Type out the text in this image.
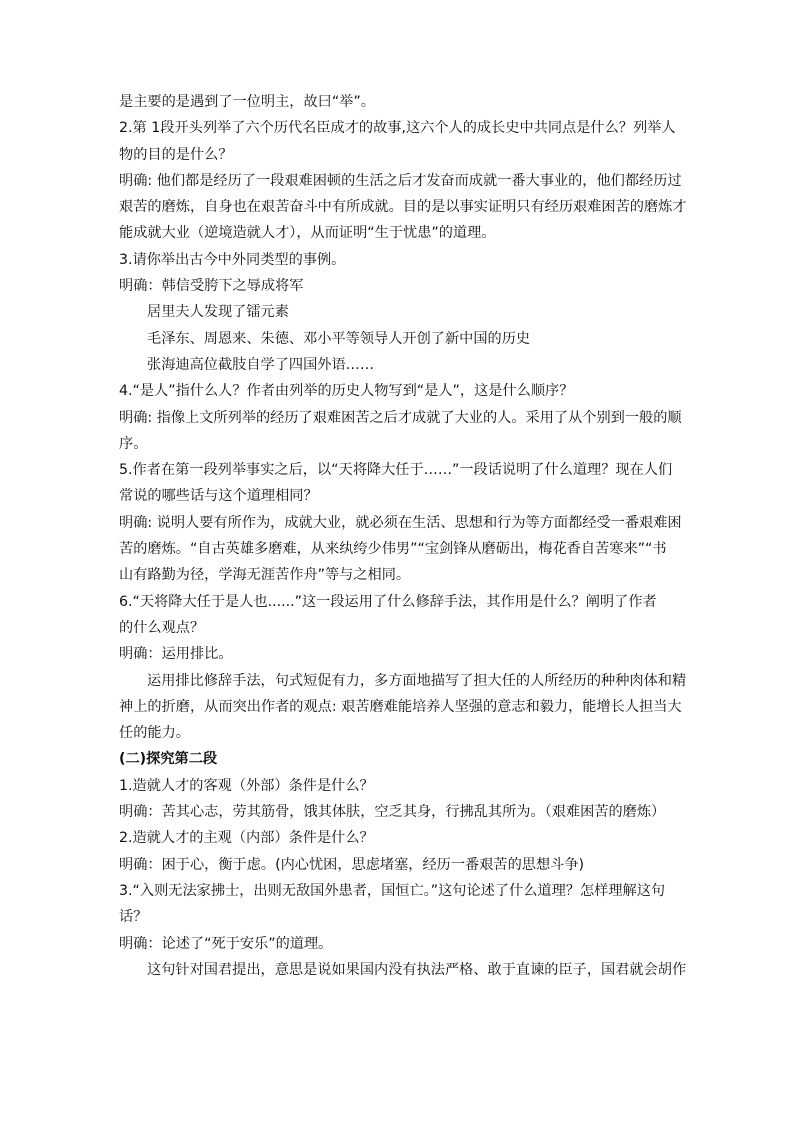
是主要的是遇到了一位明主，故曰“举”。
2.第 1段开头列举了六个历代名臣成才的故事,这六个人的成长史中共同点是什么？列举人
物的目的是什么？
明确: 他们都是经历了一段艰难困顿的生活之后才发奋而成就一番大事业的，他们都经历过
艰苦的磨炼，自身也在艰苦奋斗中有所成就。目的是以事实证明只有经历艰难困苦的磨炼才
能成就大业（逆境造就人才），从而证明“生于忧患”的道理。
3.请你举出古今中外同类型的事例。
明确：韩信受胯下之辱成将军
居里夫人发现了镭元素
毛泽东、周恩来、朱德、邓小平等领导人开创了新中国的历史
张海迪高位截肢自学了四国外语……
4.“是人”指什么人？作者由列举的历史人物写到“是人”，这是什么顺序？
明确: 指像上文所列举的经历了艰难困苦之后才成就了大业的人。采用了从个别到一般的顺
序。
5.作者在第一段列举事实之后，以“天将降大任于……”一段话说明了什么道理？现在人们
常说的哪些话与这个道理相同？
明确: 说明人要有所作为，成就大业，就必须在生活、思想和行为等方面都经受一番艰难困
苦的磨炼。“自古英雄多磨难，从来纨绔少伟男”“宝剑锋从磨砺出，梅花香自苦寒来”“书
山有路勤为径，学海无涯苦作舟”等与之相同。
6.“天将降大任于是人也......”这一段运用了什么修辞手法，其作用是什么？阐明了作者
的什么观点？
明确：运用排比。
运用排比修辞手法，句式短促有力，多方面地描写了担大任的人所经历的种种肉体和精
神上的折磨，从而突出作者的观点: 艰苦磨难能培养人坚强的意志和毅力，能增长人担当大
任的能力。
(二)探究第二段
1.造就人才的客观（外部）条件是什么？
明确：苦其心志，劳其筋骨，饿其体肤，空乏其身，行拂乱其所为。（艰难困苦的磨炼）
2.造就人才的主观（内部）条件是什么？
明确：困于心，衡于虑。(内心忧困，思虑堵塞，经历一番艰苦的思想斗争)
3.“入则无法家拂士，出则无敌国外患者，国恒亡。”这句论述了什么道理？怎样理解这句
话？
明确：论述了“死于安乐”的道理。
这句针对国君提出，意思是说如果国内没有执法严格、敢于直谏的臣子，国君就会胡作
